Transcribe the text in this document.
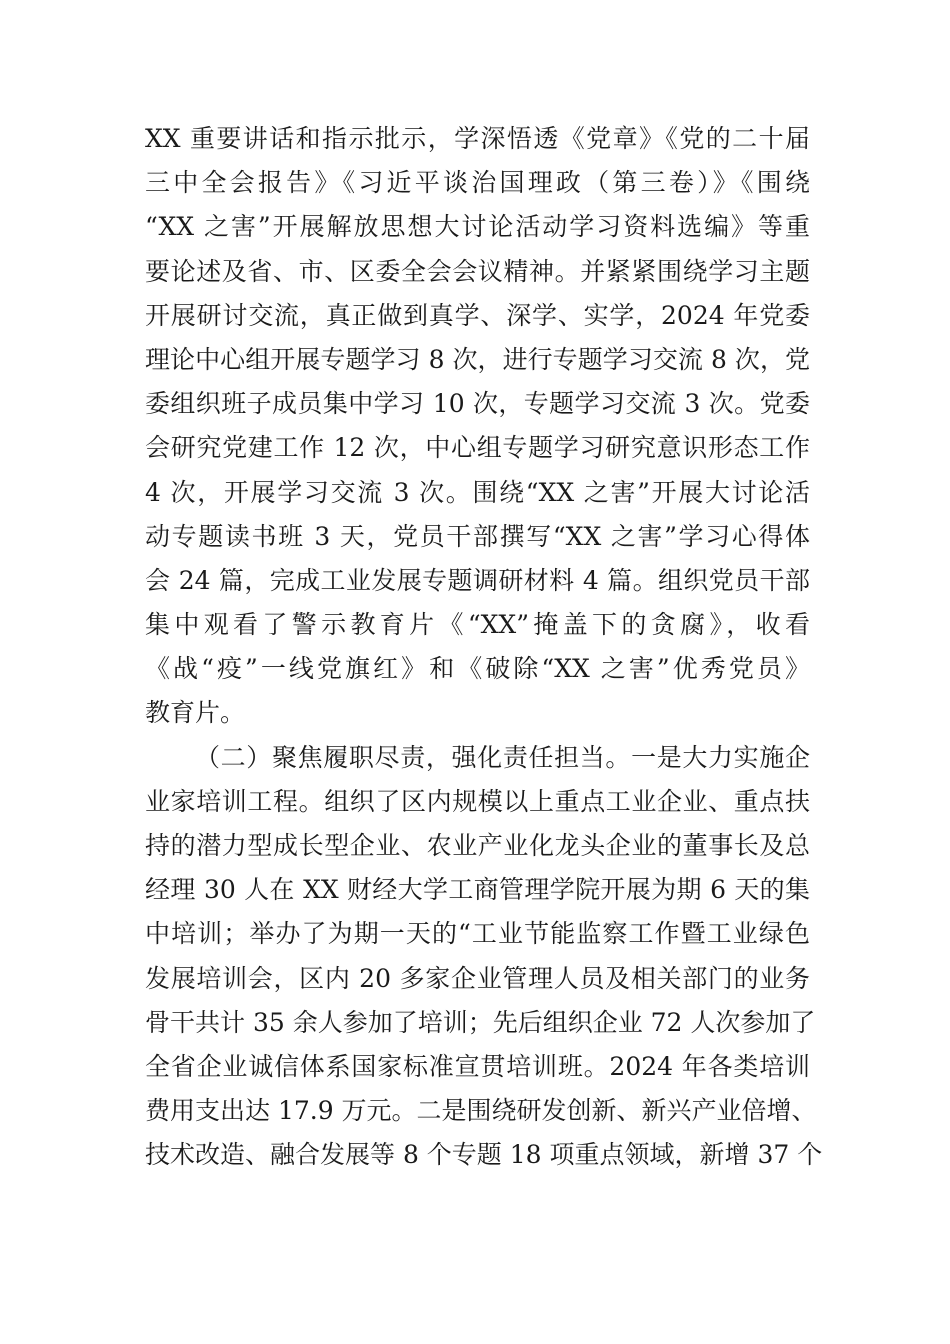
XX 重要讲话和指示批示，学深悟透《党章》《党的二十届
三中全会报告》《习近平谈治国理政（第三卷）》《围绕
“XX 之害”开展解放思想大讨论活动学习资料选编》等重
要论述及省、市、区委全会会议精神。并紧紧围绕学习主题
开展研讨交流，真正做到真学、深学、实学，2024 年党委
理论中心组开展专题学习 8 次，进行专题学习交流 8 次，党
委组织班子成员集中学习 10 次，专题学习交流 3 次。党委
会研究党建工作 12 次，中心组专题学习研究意识形态工作
4 次，开展学习交流 3 次。围绕“XX 之害”开展大讨论活
动专题读书班 3 天，党员干部撰写“XX 之害”学习心得体
会 24 篇，完成工业发展专题调研材料 4 篇。组织党员干部
集中观看了警示教育片《“XX”掩盖下的贪腐》，收看
《战“疫”一线党旗红》和《破除“XX 之害”优秀党员》
教育片。
（二）聚焦履职尽责，强化责任担当。一是大力实施企
业家培训工程。组织了区内规模以上重点工业企业、重点扶
持的潜力型成长型企业、农业产业化龙头企业的董事长及总
经理 30 人在 XX 财经大学工商管理学院开展为期 6 天的集
中培训；举办了为期一天的“工业节能监察工作暨工业绿色
发展培训会，区内 20 多家企业管理人员及相关部门的业务
骨干共计 35 余人参加了培训；先后组织企业 72 人次参加了
全省企业诚信体系国家标准宣贯培训班。2024 年各类培训
费用支出达 17.9 万元。二是围绕研发创新、新兴产业倍增、
技术改造、融合发展等 8 个专题 18 项重点领域，新增 37 个
